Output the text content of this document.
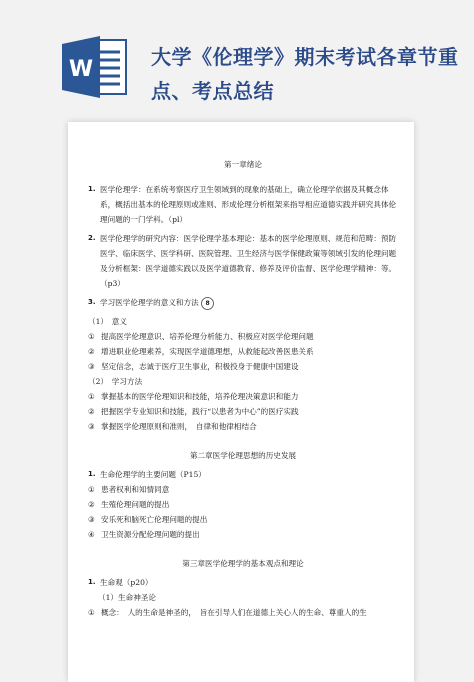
W	大学《伦理学》期末考试各章节重点、考点总结

第一章绪论

1. 医学伦理学：在系统考察医疗卫生领域到的现象的基础上，确立伦理学依据及其概念体系，概括出基本的伦理原则或准则、形成伦理分析框架来指导相应道德实践并研究具体伦理问题的一门学科。（pl）
2. 医学伦理学的研究内容：医学伦理学基本理论：基本的医学伦理原则、规范和范畴：预防医学、临床医学、医学科研、医院管理、卫生经济与医学保健政策等领域引发的伦理问题及分析框架：医学道德实践以及医学道德教育、修养及评价监督、医学伦理学精神：等。　（p3）
3. 学习医学伦理学的意义和方法 8

（1）　意义

① 提高医学伦理意识、培养伦理分析能力、积极应对医学伦理问题

② 增进职业伦理素养，实现医学道德理想，从救能起改善医患关系

③ 坚定信念，志诚于医疗卫生事业，积极投身于健康中国建设

（2）　学习方法

① 掌握基本的医学伦理知识和技能，培养伦理决策意识和能力

② 把握医学专业知识和技能，践行“以患者为中心”的医疗实践

③ 掌握医学伦理原则和准则，　自律和他律相结合

第二章医学伦理思想的历史发展

1. 生命伦理学的主要问题（P15）

① 患者权利和知情同意

② 生殖伦理问题的提出

③ 安乐死和脑死亡伦理问题的提出

④ 卫生资源分配伦理问题的提出

第三章医学伦理学的基本观点和理论

1. 生命观（p20）

（1）生命神圣论

① 概念：　人的生命是神圣的，　旨在引导人们在道德上关心人的生命、尊重人的生
